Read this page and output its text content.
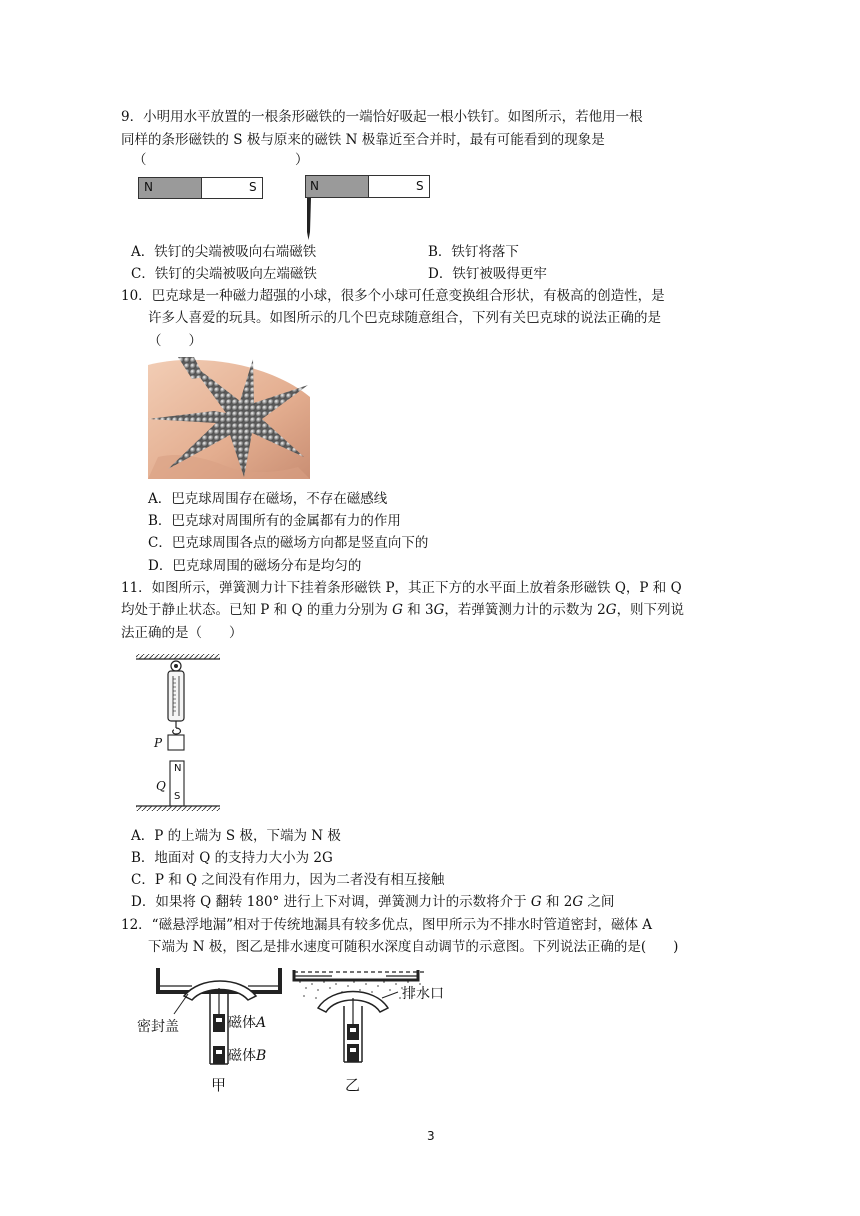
9．小明用水平放置的一根条形磁铁的一端恰好吸起一根小铁钉。如图所示，若他用一根
同样的条形磁铁的 S 极与原来的磁铁 N 极靠近至合并时，最有可能看到的现象是
（	）
N	S	N	S
A．铁钉的尖端被吸向右端磁铁	B．铁钉将落下
C．铁钉的尖端被吸向左端磁铁	D．铁钉被吸得更牢
10．巴克球是一种磁力超强的小球，很多个小球可任意变换组合形状，有极高的创造性，是
许多人喜爱的玩具。如图所示的几个巴克球随意组合，下列有关巴克球的说法正确的是
（　　）
A．巴克球周围存在磁场，不存在磁感线
B．巴克球对周围所有的金属都有力的作用
C．巴克球周围各点的磁场方向都是竖直向下的
D．巴克球周围的磁场分布是均匀的
11．如图所示，弹簧测力计下挂着条形磁铁 P，其正下方的水平面上放着条形磁铁 Q，P 和 Q
均处于静止状态。已知 P 和 Q 的重力分别为 G 和 3G，若弹簧测力计的示数为 2G，则下列说
法正确的是（　　）
P
Q
N
S
A．P 的上端为 S 极，下端为 N 极
B．地面对 Q 的支持力大小为 2G
C．P 和 Q 之间没有作用力，因为二者没有相互接触
D．如果将 Q 翻转 180° 进行上下对调，弹簧测力计的示数将介于 G 和 2G 之间
12．“磁悬浮地漏”相对于传统地漏具有较多优点，图甲所示为不排水时管道密封，磁体 A
下端为 N 极，图乙是排水速度可随积水深度自动调节的示意图。下列说法正确的是(　　)
密封盖	磁体A
磁体B
甲
排水口
乙
3
